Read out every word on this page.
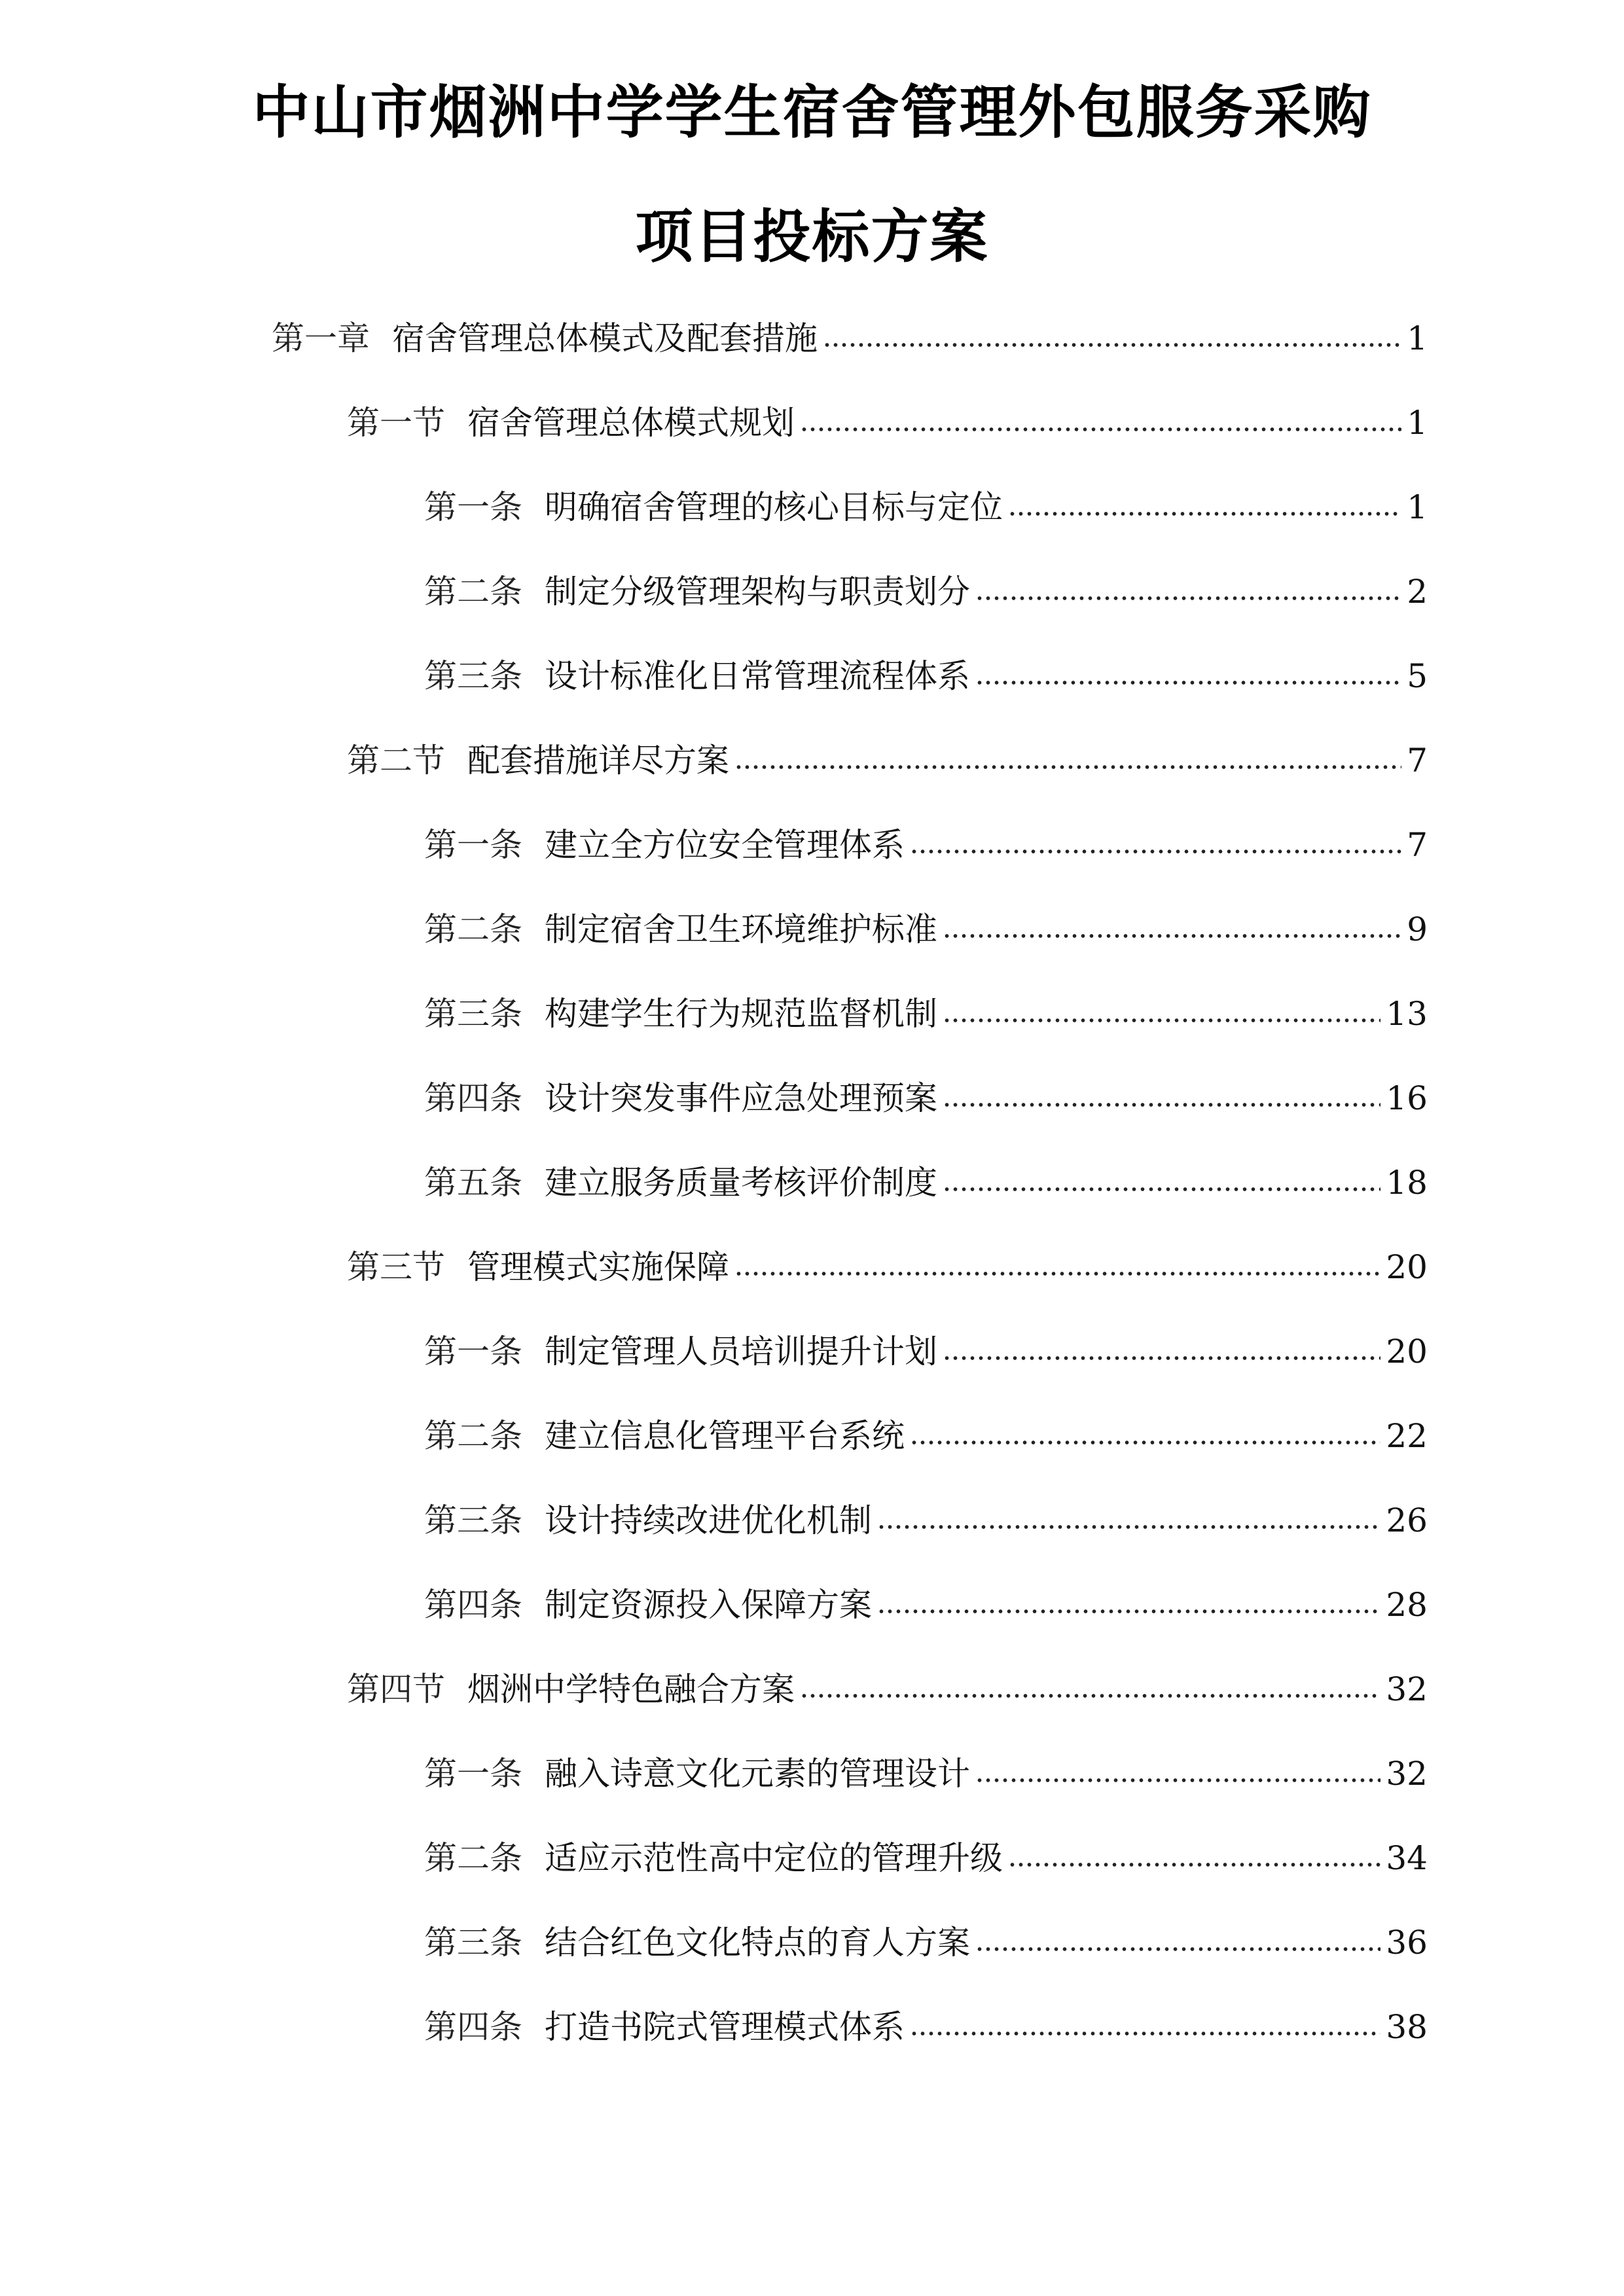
中山市烟洲中学学生宿舍管理外包服务采购
项目投标方案
第一章 宿舍管理总体模式及配套措施	1
第一节 宿舍管理总体模式规划	1
第一条 明确宿舍管理的核心目标与定位	1
第二条 制定分级管理架构与职责划分	2
第三条 设计标准化日常管理流程体系	5
第二节 配套措施详尽方案	7
第一条 建立全方位安全管理体系	7
第二条 制定宿舍卫生环境维护标准	9
第三条 构建学生行为规范监督机制	13
第四条 设计突发事件应急处理预案	16
第五条 建立服务质量考核评价制度	18
第三节 管理模式实施保障	20
第一条 制定管理人员培训提升计划	20
第二条 建立信息化管理平台系统	22
第三条 设计持续改进优化机制	26
第四条 制定资源投入保障方案	28
第四节 烟洲中学特色融合方案	32
第一条 融入诗意文化元素的管理设计	32
第二条 适应示范性高中定位的管理升级	34
第三条 结合红色文化特点的育人方案	36
第四条 打造书院式管理模式体系	38
